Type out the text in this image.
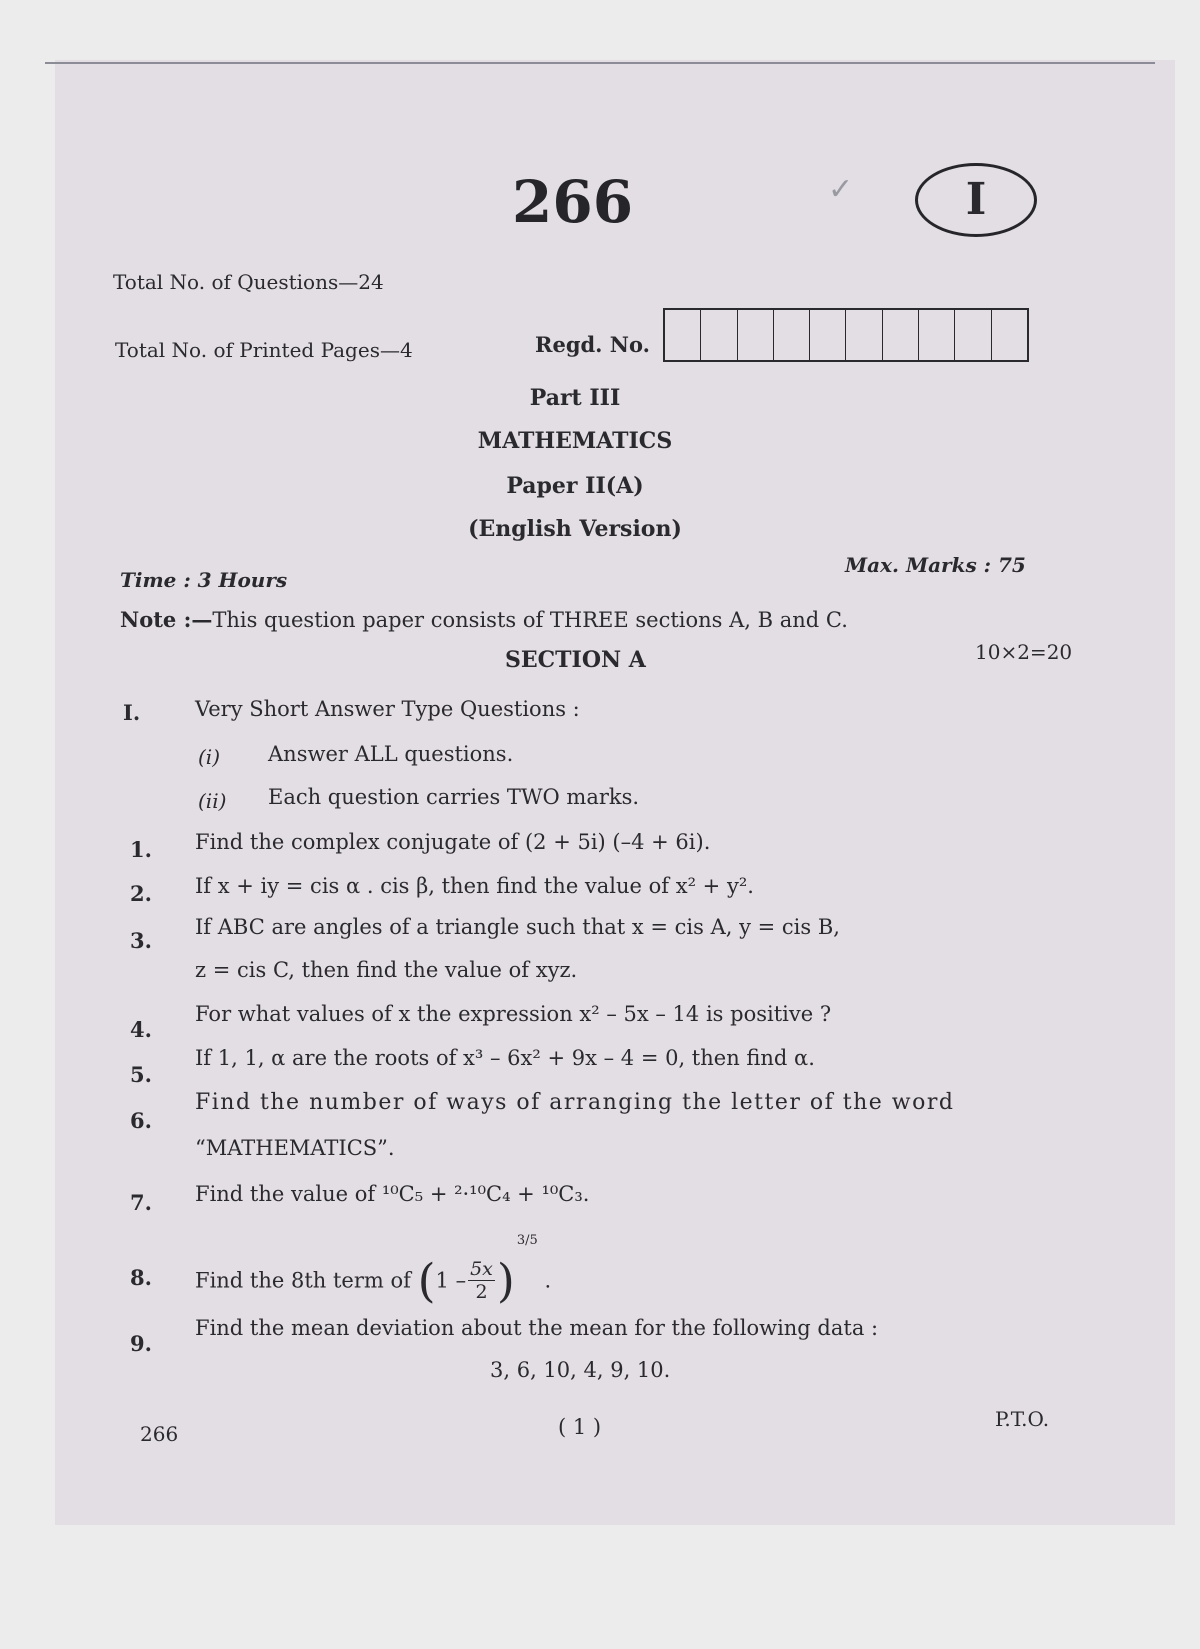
266	✓	I
Total No. of Questions—24
Total No. of Printed Pages—4	Regd. No.
Part III
MATHEMATICS
Paper II(A)
(English Version)
Time : 3 Hours
Max. Marks : 75
Note :—This question paper consists of THREE sections A, B and C.
SECTION A	10×2=20
I.	Very Short Answer Type Questions :
(i) Answer ALL questions.
(ii) Each question carries TWO marks.
1. Find the complex conjugate of (2 + 5i) (–4 + 6i).
2. If x + iy = cis α . cis β, then find the value of x² + y².
3.
If ABC are angles of a triangle such that x = cis A, y = cis B,
z = cis C, then find the value of xyz.
4.
For what values of x the expression x² – 5x – 14 is positive ?
5.
If 1, 1, α are the roots of x³ – 6x² + 9x – 4 = 0, then find α.
6.
Find the number of ways of arranging the letter of the word
“MATHEMATICS”.
7. Find the value of ¹⁰C₅ + ²·¹⁰C₄ + ¹⁰C₃.
8. Find the 8th term of $(1 - \frac{5x}{2} )^{3/5}$ .
9.
Find the mean deviation about the mean for the following data :
3, 6, 10, 4, 9, 10.
266	( 1 )	P.T.O.
